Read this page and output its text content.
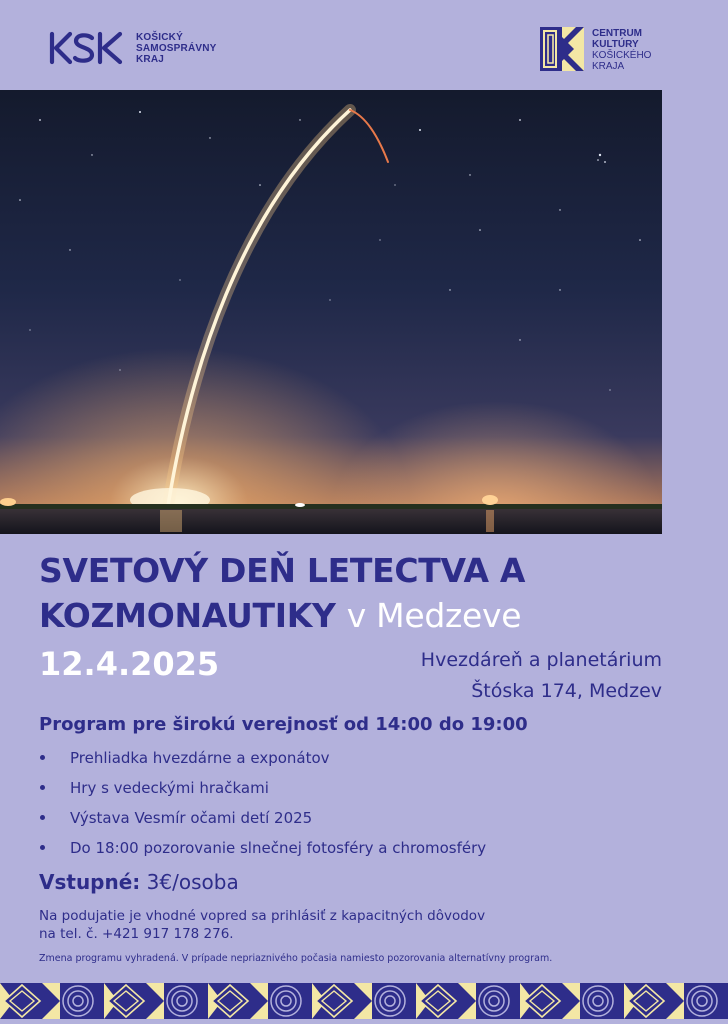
KOŠICKÝ
SAMOSPRÁVNY
KRAJ
CENTRUM
KULTÚRY
KOŠICKÉHO
KRAJA
SVETOVÝ DEŇ LETECTVA A
KOZMONAUTIKY v Medzeve
12.4.2025	Hvezdáreň a planetárium
Štóska 174, Medzev
Program pre širokú verejnosť od 14:00 do 19:00
Prehliadka hvezdárne a exponátov
Hry s vedeckými hračkami
Výstava Vesmír očami detí 2025
Do 18:00 pozorovanie slnečnej fotosféry a chromosféry
Vstupné: 3€/osoba
Na podujatie je vhodné vopred sa prihlásiť z kapacitných dôvodov
na tel. č. +421 917 178 276.
Zmena programu vyhradená. V prípade nepriaznivého počasia namiesto pozorovania alternatívny program.
